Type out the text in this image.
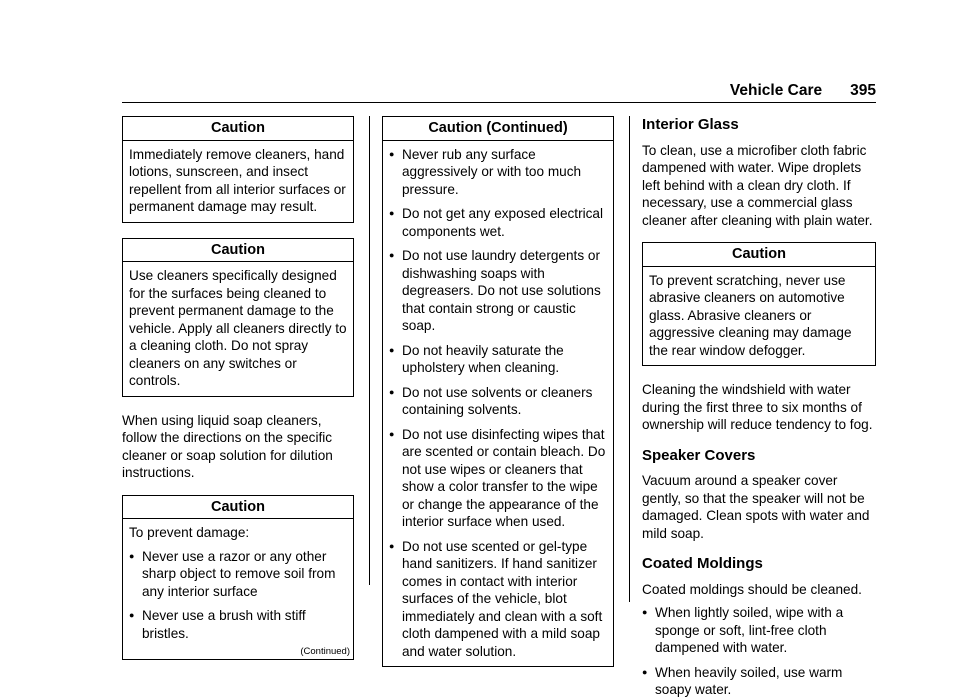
Vehicle Care 395
Caution

Immediately remove cleaners, hand lotions, sunscreen, and insect repellent from all interior surfaces or permanent damage may result.

Caution

Use cleaners specifically designed for the surfaces being cleaned to prevent permanent damage to the vehicle. Apply all cleaners directly to a cleaning cloth. Do not spray cleaners on any switches or controls.

When using liquid soap cleaners, follow the directions on the specific cleaner or soap solution for dilution instructions.

Caution

To prevent damage:

● Never use a razor or any other sharp object to remove soil from any interior surface
● Never use a brush with stiff bristles.
(Continued)
Caution (Continued)
● Never rub any surface aggressively or with too much pressure.
● Do not get any exposed electrical components wet.
● Do not use laundry detergents or dishwashing soaps with degreasers. Do not use solutions that contain strong or caustic soap.
● Do not heavily saturate the upholstery when cleaning.
● Do not use solvents or cleaners containing solvents.
● Do not use disinfecting wipes that are scented or contain bleach. Do not use wipes or cleaners that show a color transfer to the wipe or change the appearance of the interior surface when used.
● Do not use scented or gel-type hand sanitizers. If hand sanitizer comes in contact with interior surfaces of the vehicle, blot immediately and clean with a soft cloth dampened with a mild soap and water solution.
Interior Glass

To clean, use a microfiber cloth fabric dampened with water. Wipe droplets left behind with a clean dry cloth. If necessary, use a commercial glass cleaner after cleaning with plain water.

Caution

To prevent scratching, never use abrasive cleaners on automotive glass. Abrasive cleaners or aggressive cleaning may damage the rear window defogger.

Cleaning the windshield with water during the first three to six months of ownership will reduce tendency to fog.

Speaker Covers

Vacuum around a speaker cover gently, so that the speaker will not be damaged. Clean spots with water and mild soap.

Coated Moldings

Coated moldings should be cleaned.

● When lightly soiled, wipe with a sponge or soft, lint-free cloth dampened with water.
● When heavily soiled, use warm soapy water.
